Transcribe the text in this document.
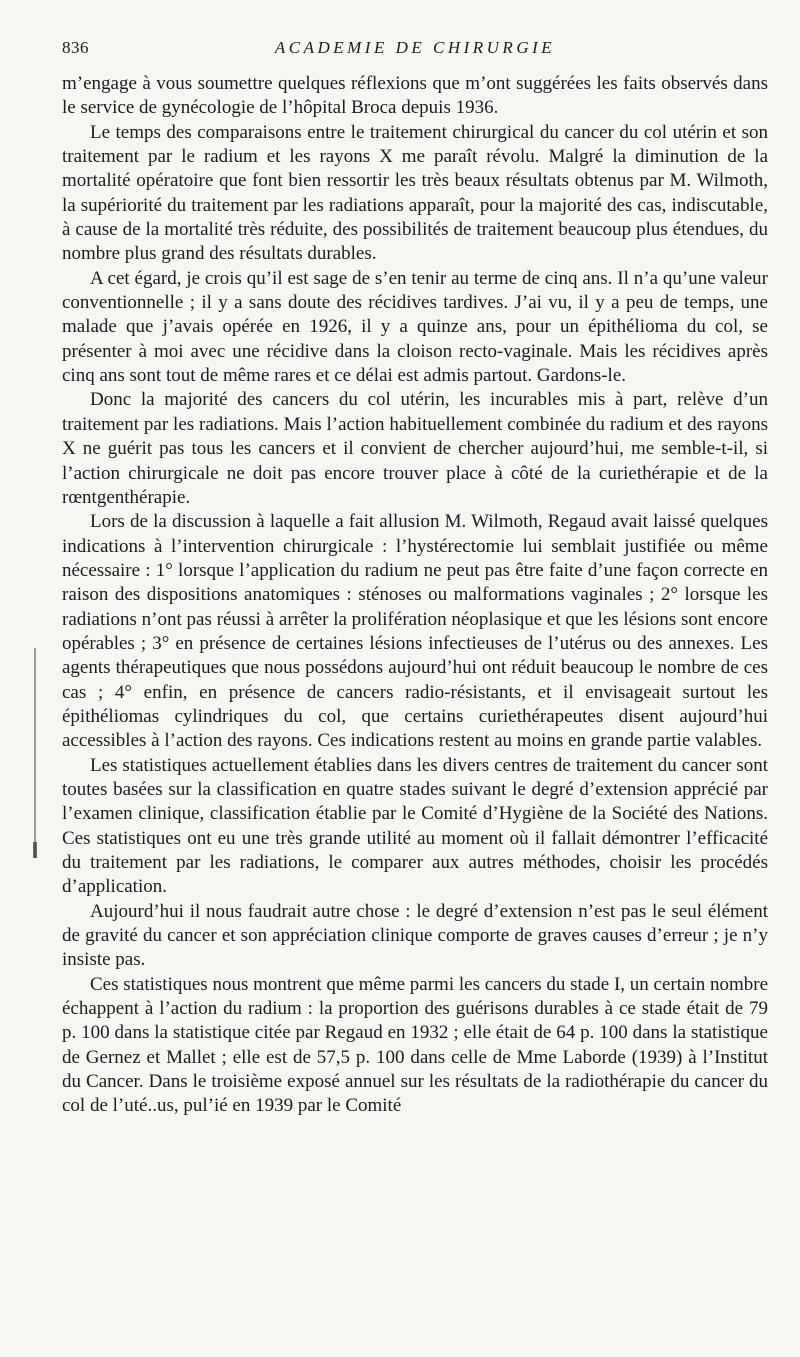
836	ACADEMIE DE CHIRURGIE

m’engage à vous soumettre quelques réflexions que m’ont suggérées les faits observés dans le service de gynécologie de l’hôpital Broca depuis 1936.

Le temps des comparaisons entre le traitement chirurgical du cancer du col utérin et son traitement par le radium et les rayons X me paraît révolu. Malgré la diminution de la mortalité opératoire que font bien ressortir les très beaux résultats obtenus par M. Wilmoth, la supériorité du traitement par les radiations apparaît, pour la majorité des cas, indiscutable, à cause de la mortalité très réduite, des possibilités de traitement beaucoup plus étendues, du nombre plus grand des résultats durables.

A cet égard, je crois qu’il est sage de s’en tenir au terme de cinq ans. Il n’a qu’une valeur conventionnelle ; il y a sans doute des récidives tardives. J’ai vu, il y a peu de temps, une malade que j’avais opérée en 1926, il y a quinze ans, pour un épithélioma du col, se présenter à moi avec une récidive dans la cloison recto-vaginale. Mais les récidives après cinq ans sont tout de même rares et ce délai est admis partout. Gardons-le.

Donc la majorité des cancers du col utérin, les incurables mis à part, relève d’un traitement par les radiations. Mais l’action habituellement combinée du radium et des rayons X ne guérit pas tous les cancers et il convient de chercher aujourd’hui, me semble-t-il, si l’action chirurgicale ne doit pas encore trouver place à côté de la curiethérapie et de la rœntgenthérapie.

Lors de la discussion à laquelle a fait allusion M. Wilmoth, Regaud avait laissé quelques indications à l’intervention chirurgicale : l’hystérectomie lui semblait justifiée ou même nécessaire : 1° lorsque l’application du radium ne peut pas être faite d’une façon correcte en raison des dispositions anatomiques : sténoses ou malformations vaginales ; 2° lorsque les radiations n’ont pas réussi à arrêter la prolifération néoplasique et que les lésions sont encore opérables ; 3° en présence de certaines lésions infectieuses de l’utérus ou des annexes. Les agents thérapeutiques que nous possédons aujourd’hui ont réduit beaucoup le nombre de ces cas ; 4° enfin, en présence de cancers radio-résistants, et il envisageait surtout les épithéliomas cylindriques du col, que certains curiethérapeutes disent aujourd’hui accessibles à l’action des rayons. Ces indications restent au moins en grande partie valables.

Les statistiques actuellement établies dans les divers centres de traitement du cancer sont toutes basées sur la classification en quatre stades suivant le degré d’extension apprécié par l’examen clinique, classification établie par le Comité d’Hygiène de la Société des Nations. Ces statistiques ont eu une très grande utilité au moment où il fallait démontrer l’efficacité du traitement par les radiations, le comparer aux autres méthodes, choisir les procédés d’application.

Aujourd’hui il nous faudrait autre chose : le degré d’extension n’est pas le seul élément de gravité du cancer et son appréciation clinique comporte de graves causes d’erreur ; je n’y insiste pas.

Ces statistiques nous montrent que même parmi les cancers du stade I, un certain nombre échappent à l’action du radium : la proportion des guérisons durables à ce stade était de 79 p. 100 dans la statistique citée par Regaud en 1932 ; elle était de 64 p. 100 dans la statistique de Gernez et Mallet ; elle est de 57,5 p. 100 dans celle de Mme Laborde (1939) à l’Institut du Cancer. Dans le troisième exposé annuel sur les résultats de la radiothérapie du cancer du col de l’uté..us, pul’ié en 1939 par le Comité
